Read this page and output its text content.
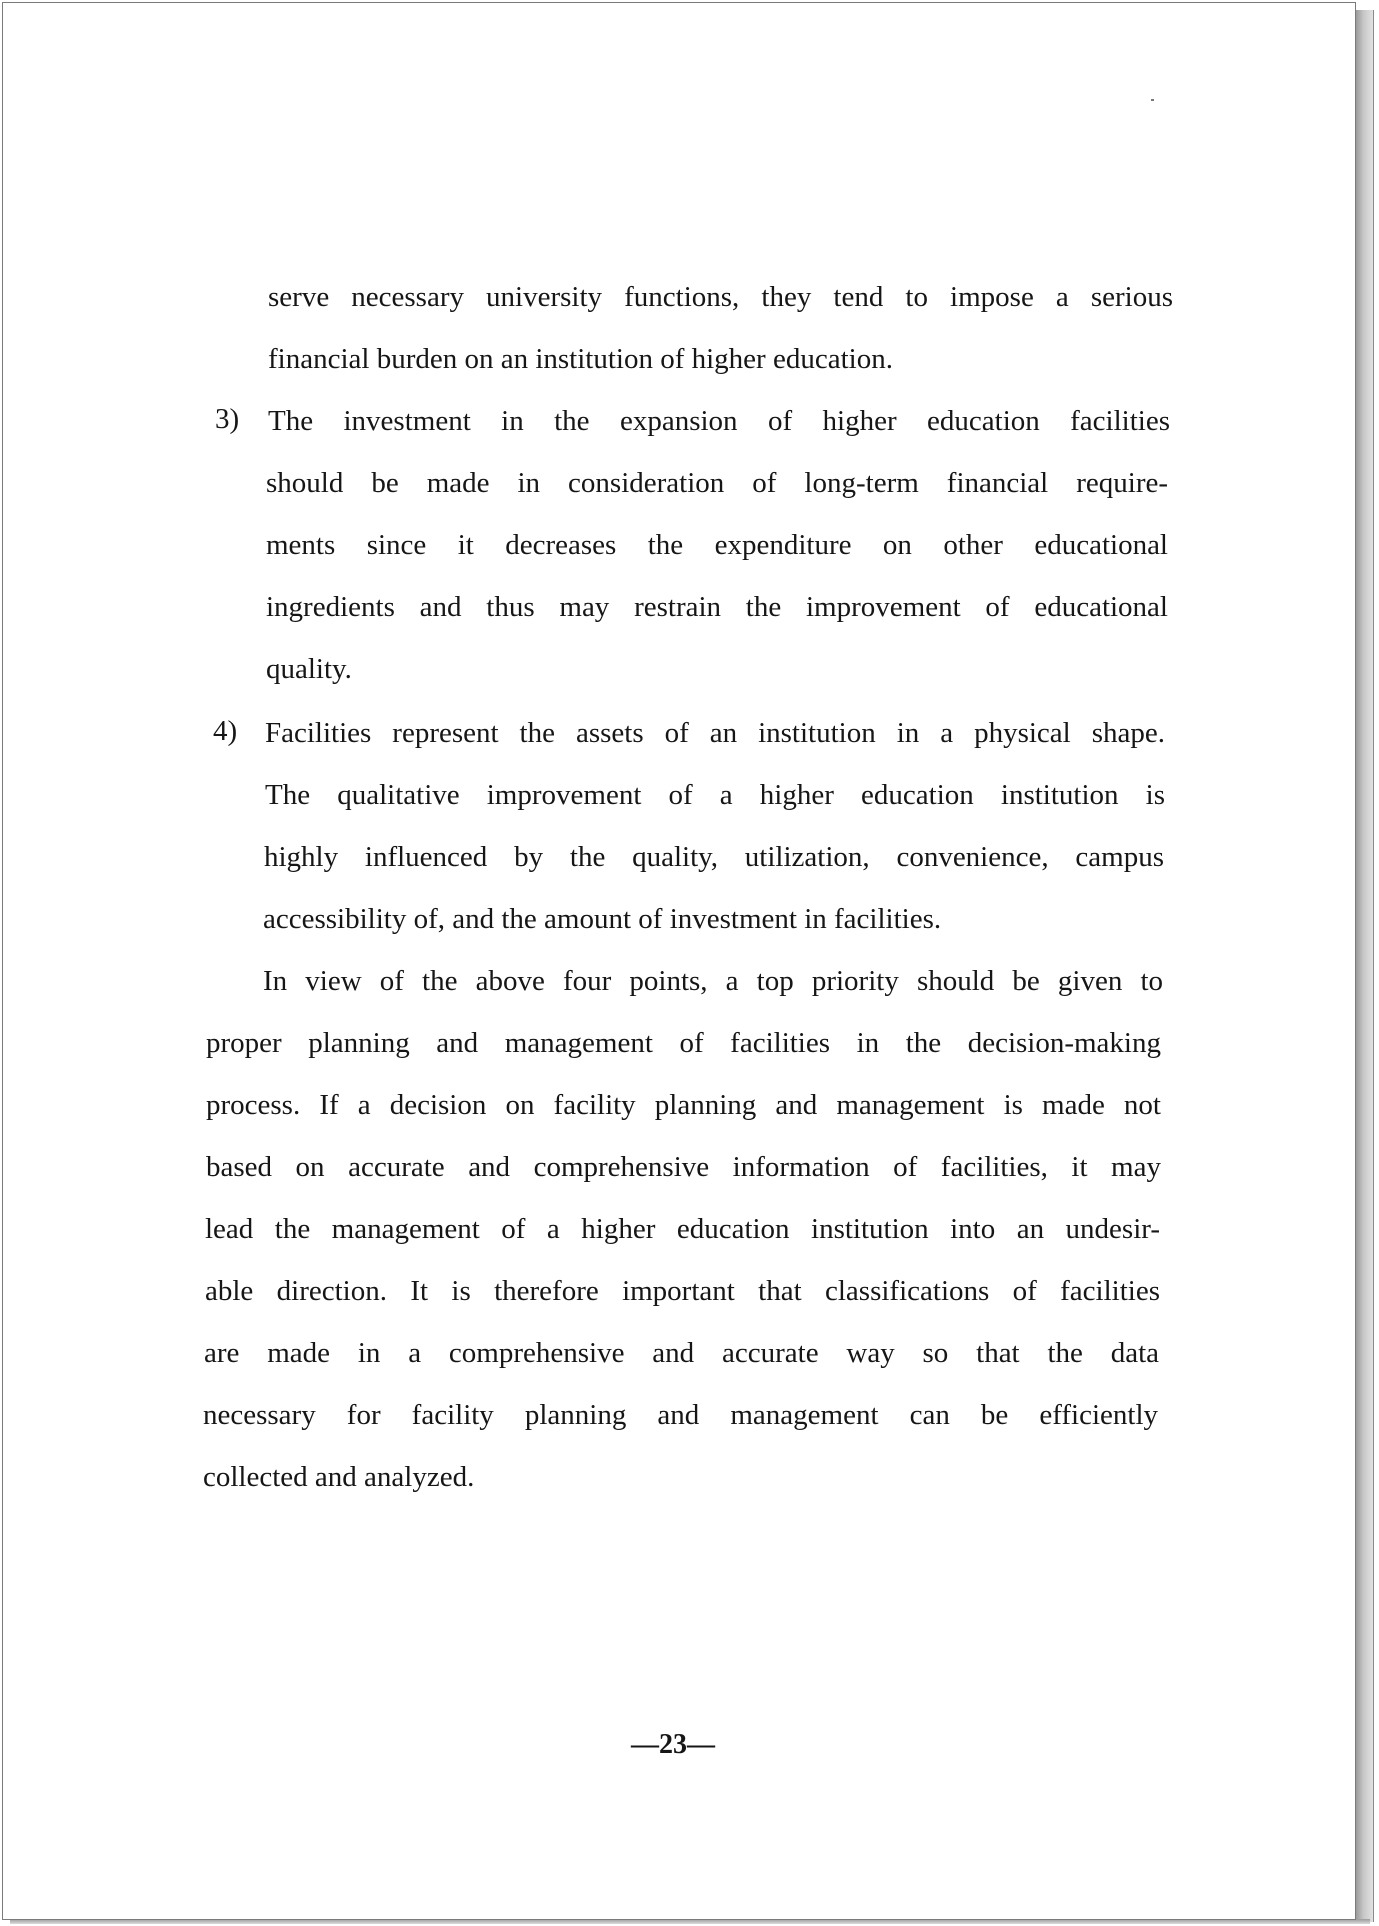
serve necessary university functions, they tend to impose a serious
financial burden on an institution of higher education.
3) The investment in the expansion of higher education facilities
should be made in consideration of long-term financial require-
ments since it decreases the expenditure on other educational
ingredients and thus may restrain the improvement of educational
quality.
4) Facilities represent the assets of an institution in a physical shape.
The qualitative improvement of a higher education institution is
highly influenced by the quality, utilization, convenience, campus
accessibility of, and the amount of investment in facilities.
In view of the above four points, a top priority should be given to
proper planning and management of facilities in the decision-making
process. If a decision on facility planning and management is made not
based on accurate and comprehensive information of facilities, it may
lead the management of a higher education institution into an undesir-
able direction. It is therefore important that classifications of facilities
are made in a comprehensive and accurate way so that the data
necessary for facility planning and management can be efficiently
collected and analyzed.
—23—
